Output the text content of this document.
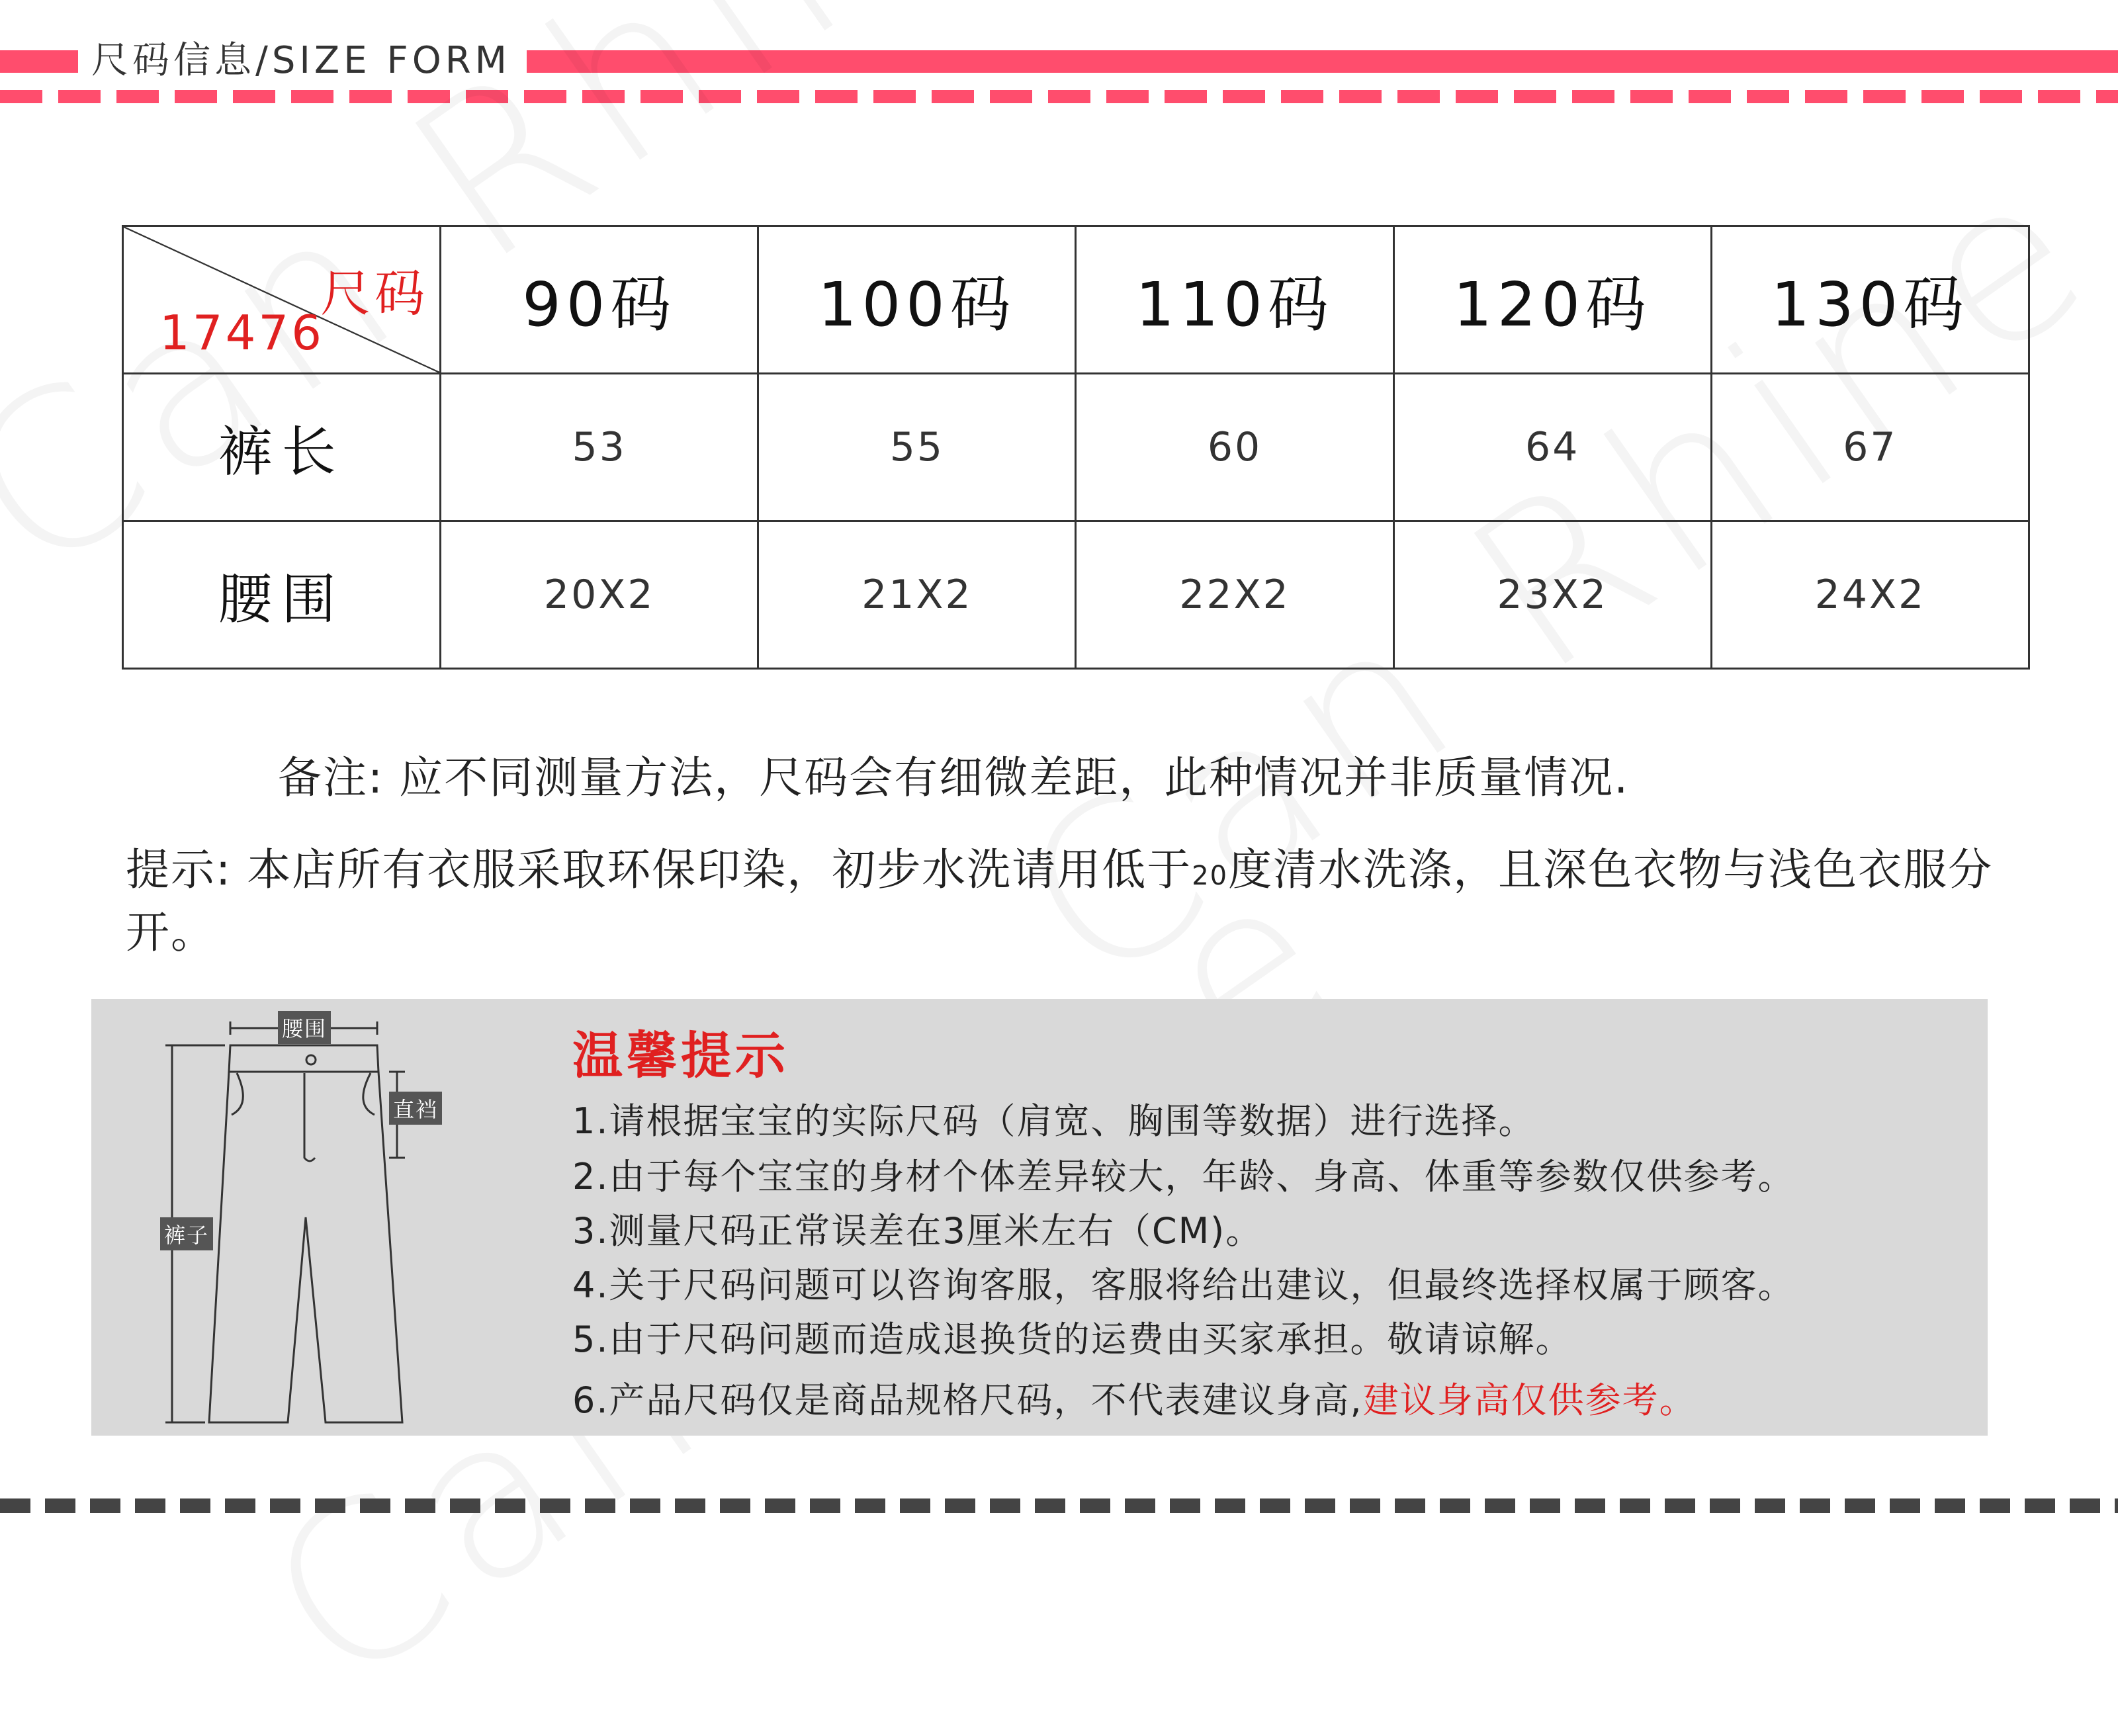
尺码信息/SIZE FORM
尺码
17476	90码	100码	110码	120码	130码
裤长	53	55	60	64	67
腰围	20X2	21X2	22X2	23X2	24X2
备注: 应不同测量方法，尺码会有细微差距，此种情况并非质量情况.
提示: 本店所有衣服采取环保印染，初步水洗请用低于20度清水洗涤，且深色衣物与浅色衣服分开。
腰围
直裆
裤子
温馨提示
1.请根据宝宝的实际尺码（肩宽、胸围等数据）进行选择。
2.由于每个宝宝的身材个体差异较大，年龄、身高、体重等参数仅供参考。
3.测量尺码正常误差在3厘米左右（CM)。
4.关于尺码问题可以咨询客服，客服将给出建议，但最终选择权属于顾客。
5.由于尺码问题而造成退换货的运费由买家承担。敬请谅解。
6.产品尺码仅是商品规格尺码，不代表建议身高,建议身高仅供参考。
